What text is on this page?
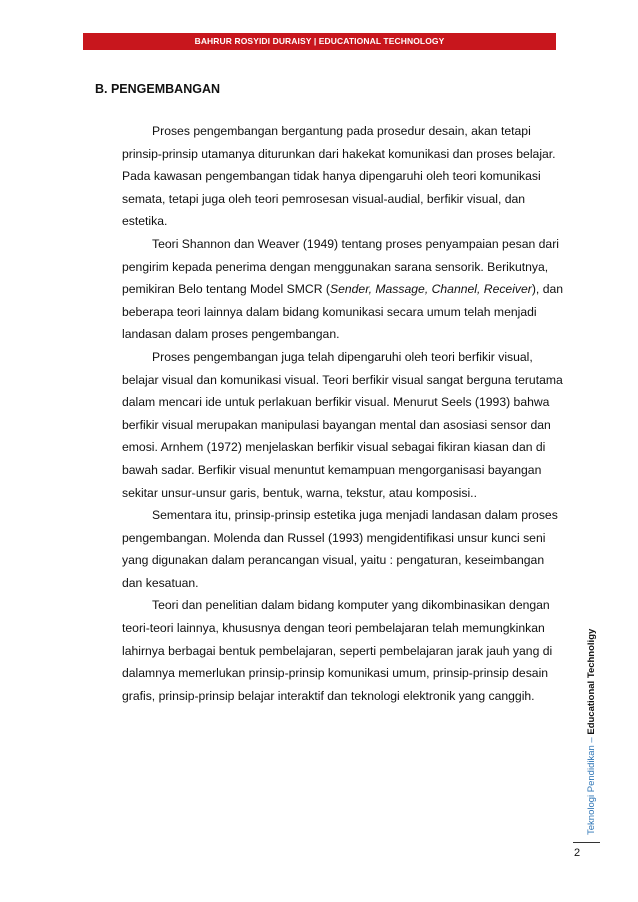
BAHRUR ROSYIDI DURAISY | EDUCATIONAL TECHNOLOGY
B. PENGEMBANGAN

Proses pengembangan bergantung pada prosedur desain, akan tetapi prinsip-prinsip utamanya diturunkan dari hakekat komunikasi dan proses belajar. Pada kawasan pengembangan tidak hanya dipengaruhi oleh teori komunikasi semata, tetapi juga oleh teori pemrosesan visual-audial, berfikir visual, dan estetika.

Teori Shannon dan Weaver (1949) tentang proses penyampaian pesan dari pengirim kepada penerima dengan menggunakan sarana sensorik. Berikutnya, pemikiran Belo tentang Model SMCR (Sender, Massage, Channel, Receiver), dan beberapa teori lainnya dalam bidang komunikasi secara umum telah menjadi landasan dalam proses pengembangan.

Proses pengembangan juga telah dipengaruhi oleh teori berfikir visual, belajar visual dan komunikasi visual. Teori berfikir visual sangat berguna terutama dalam mencari ide untuk perlakuan berfikir visual. Menurut Seels (1993) bahwa berfikir visual merupakan manipulasi bayangan mental dan asosiasi sensor dan emosi. Arnhem (1972) menjelaskan berfikir visual sebagai fikiran kiasan dan di bawah sadar. Berfikir visual menuntut kemampuan mengorganisasi bayangan sekitar unsur-unsur garis, bentuk, warna, tekstur, atau komposisi..

Sementara itu, prinsip-prinsip estetika juga menjadi landasan dalam proses pengembangan. Molenda dan Russel (1993) mengidentifikasi unsur kunci seni yang digunakan dalam perancangan visual, yaitu : pengaturan, keseimbangan dan kesatuan.

Teori dan penelitian dalam bidang komputer yang dikombinasikan dengan teori-teori lainnya, khususnya dengan teori pembelajaran telah memungkinkan lahirnya berbagai bentuk pembelajaran, seperti pembelajaran jarak jauh yang di dalamnya memerlukan prinsip-prinsip komunikasi umum, prinsip-prinsip desain grafis, prinsip-prinsip belajar interaktif dan teknologi elektronik yang canggih.

Teknologi Pendidikan – Educational Technoligy
2
